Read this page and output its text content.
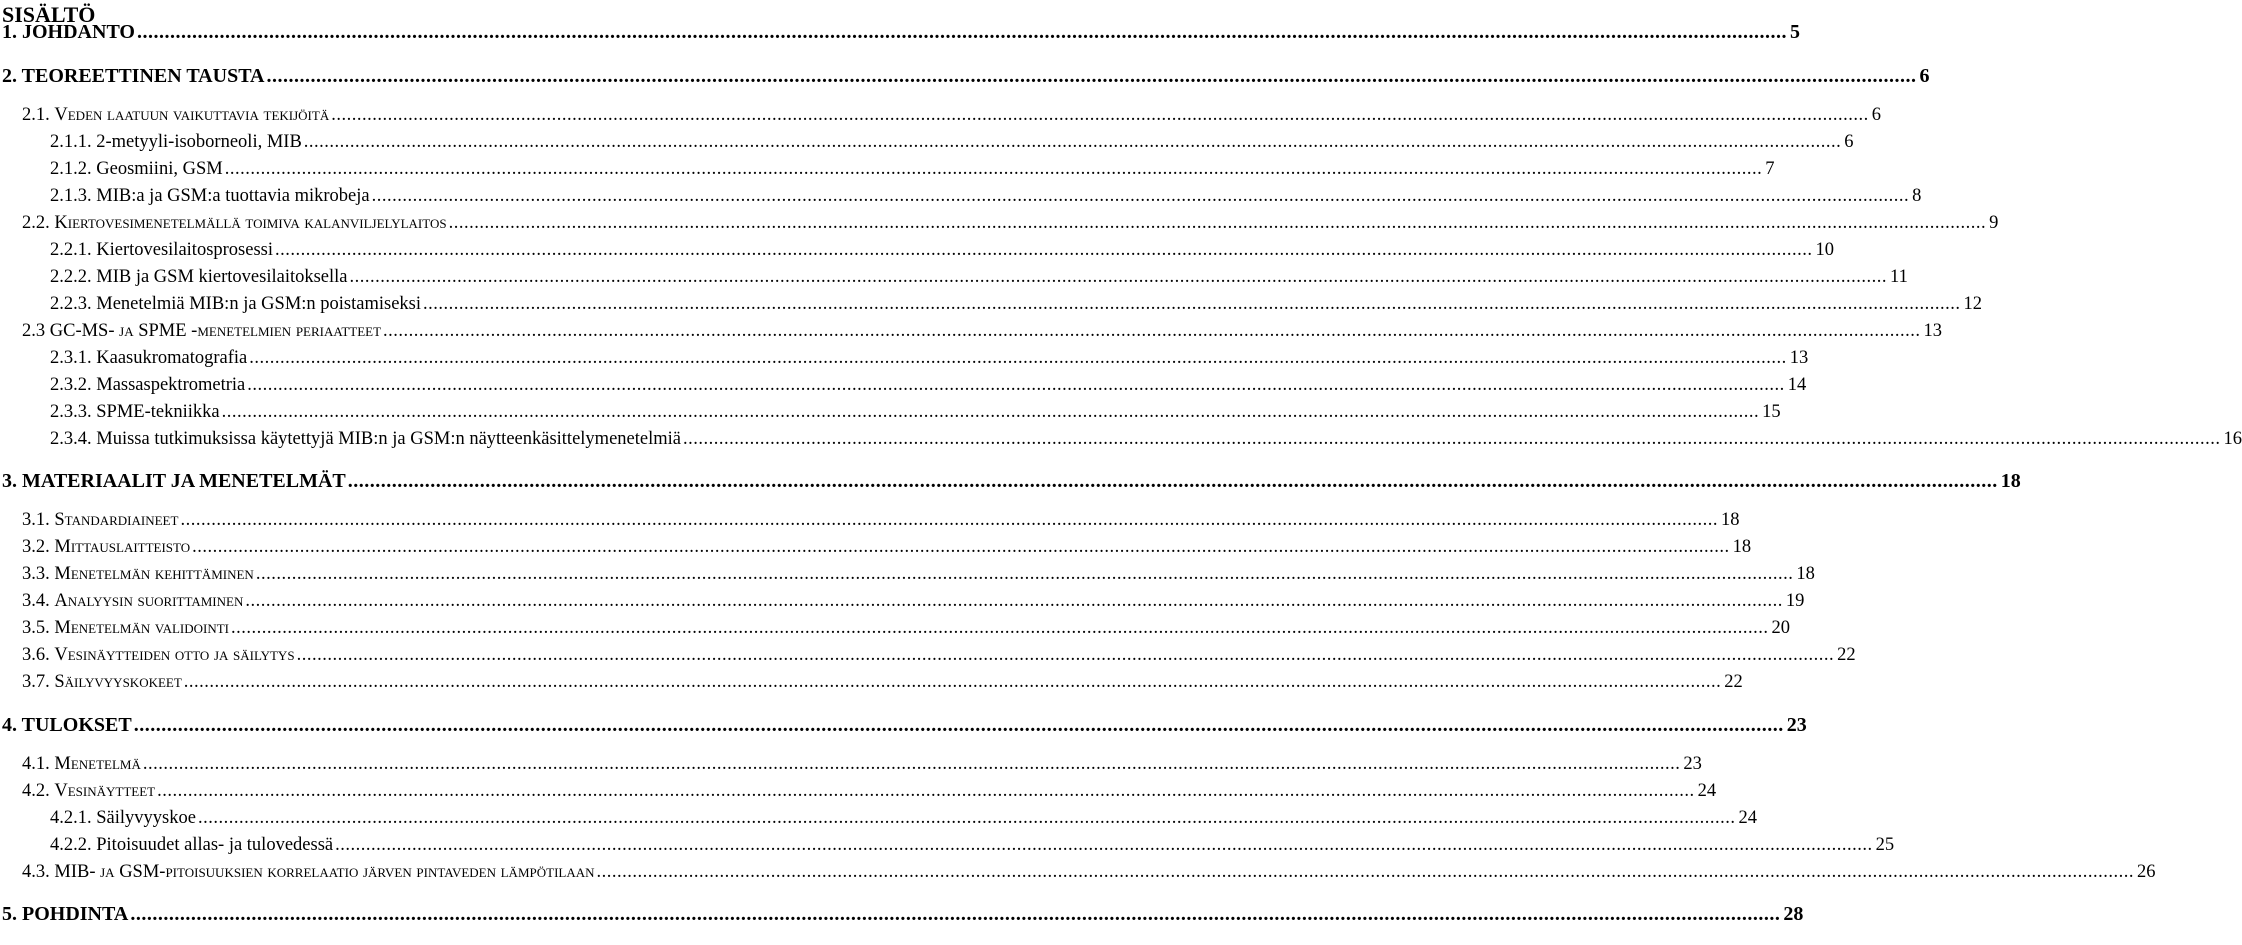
SISÄLTÖ
1. JOHDANTO ............................................................................................................................................................................................................................................................................................................ 5
2. TEOREETTINEN TAUSTA ............................................................................................................................................................................................................................................................................................................ 6
2.1. Veden laatuun vaikuttavia tekijöitä ............................................................................................................................................................................................................................................................................................................ 6
2.1.1. 2-metyyli-isoborneoli, MIB ............................................................................................................................................................................................................................................................................................................ 6
2.1.2. Geosmiini, GSM ............................................................................................................................................................................................................................................................................................................ 7
2.1.3. MIB:a ja GSM:a tuottavia mikrobeja ............................................................................................................................................................................................................................................................................................................ 8
2.2. Kiertovesimenetelmällä toimiva kalanviljelylaitos ............................................................................................................................................................................................................................................................................................................ 9
2.2.1. Kiertovesilaitosprosessi ............................................................................................................................................................................................................................................................................................................ 10
2.2.2. MIB ja GSM kiertovesilaitoksella ............................................................................................................................................................................................................................................................................................................ 11
2.2.3. Menetelmiä MIB:n ja GSM:n poistamiseksi ............................................................................................................................................................................................................................................................................................................ 12
2.3 GC-MS- ja SPME -menetelmien periaatteet ............................................................................................................................................................................................................................................................................................................ 13
2.3.1. Kaasukromatografia ............................................................................................................................................................................................................................................................................................................ 13
2.3.2. Massaspektrometria ............................................................................................................................................................................................................................................................................................................ 14
2.3.3. SPME-tekniikka ............................................................................................................................................................................................................................................................................................................ 15
2.3.4. Muissa tutkimuksissa käytettyjä MIB:n ja GSM:n näytteenkäsittelymenetelmiä ............................................................................................................................................................................................................................................................................................................ 16
3. MATERIAALIT JA MENETELMÄT ............................................................................................................................................................................................................................................................................................................ 18
3.1. Standardiaineet ............................................................................................................................................................................................................................................................................................................ 18
3.2. Mittauslaitteisto ............................................................................................................................................................................................................................................................................................................ 18
3.3. Menetelmän kehittäminen ............................................................................................................................................................................................................................................................................................................ 18
3.4. Analyysin suorittaminen ............................................................................................................................................................................................................................................................................................................ 19
3.5. Menetelmän validointi ............................................................................................................................................................................................................................................................................................................ 20
3.6. Vesinäytteiden otto ja säilytys ............................................................................................................................................................................................................................................................................................................ 22
3.7. Säilyvyyskokeet ............................................................................................................................................................................................................................................................................................................ 22
4. TULOKSET ............................................................................................................................................................................................................................................................................................................ 23
4.1. Menetelmä ............................................................................................................................................................................................................................................................................................................ 23
4.2. Vesinäytteet ............................................................................................................................................................................................................................................................................................................ 24
4.2.1. Säilyvyyskoe ............................................................................................................................................................................................................................................................................................................ 24
4.2.2. Pitoisuudet allas- ja tulovedessä ............................................................................................................................................................................................................................................................................................................ 25
4.3. MIB- ja GSM-pitoisuuksien korrelaatio järven pintaveden lämpötilaan ............................................................................................................................................................................................................................................................................................................ 26
5. POHDINTA ............................................................................................................................................................................................................................................................................................................ 28
